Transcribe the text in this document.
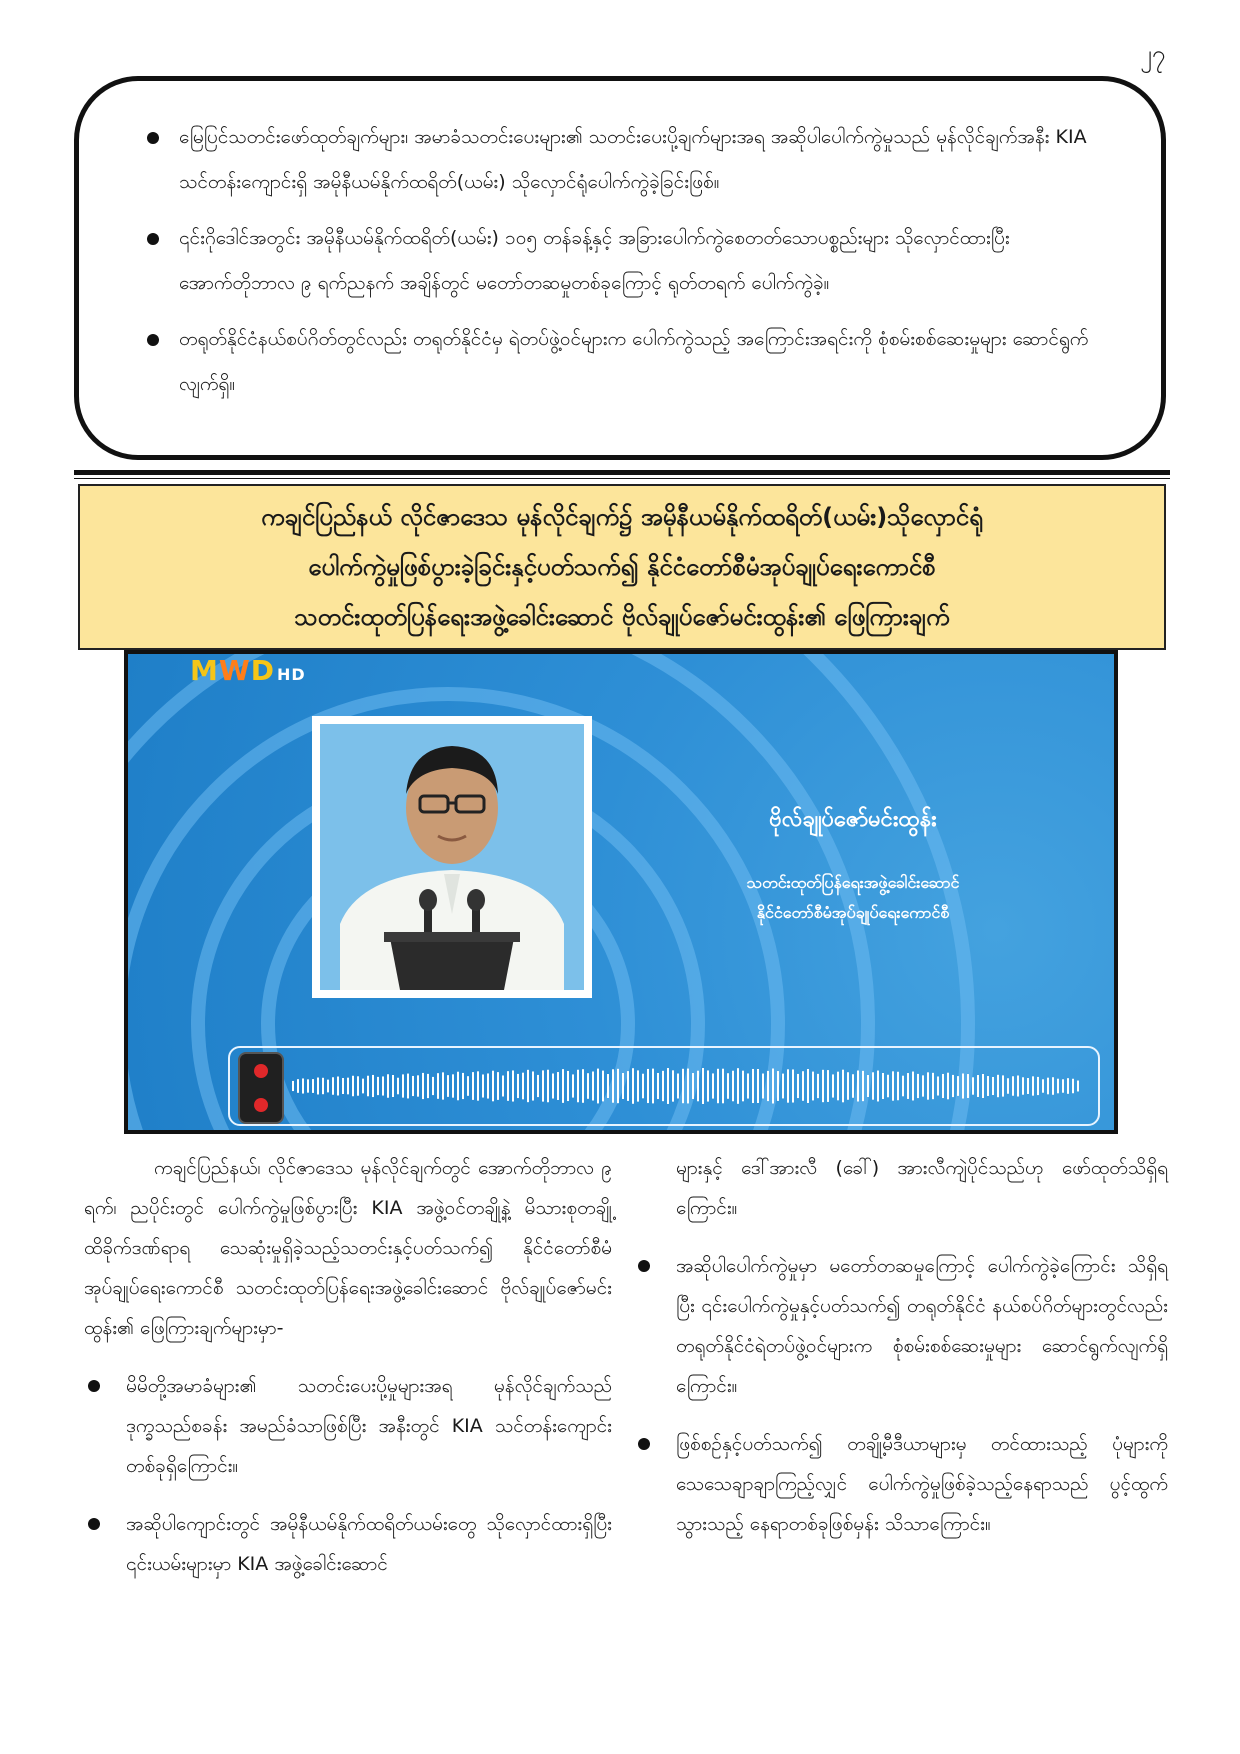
၂၇
မြေပြင်သတင်းဖော်ထုတ်ချက်များ၊ အမာခံသတင်းပေးများ၏ သတင်းပေးပို့ချက်များအရ အဆိုပါပေါက်ကွဲမှုသည် မုန်လိုင်ချက်အနီး KIA သင်တန်းကျောင်းရှိ အမိုနီယမ်နိုက်ထရိတ်(ယမ်း) သိုလှောင်ရုံပေါက်ကွဲခဲ့ခြင်းဖြစ်။
၎င်းဂိုဒေါင်အတွင်း အမိုနီယမ်နိုက်ထရိတ်(ယမ်း) ၁၀၅ တန်ခန့်နှင့် အခြားပေါက်ကွဲစေတတ်သောပစ္စည်းများ သိုလှောင်ထားပြီး အောက်တိုဘာလ ၉ ရက်ညနက် အချိန်တွင် မတော်တဆမှုတစ်ခုကြောင့် ရုတ်တရက် ပေါက်ကွဲခဲ့။
တရုတ်နိုင်ငံနယ်စပ်ဂိတ်တွင်လည်း တရုတ်နိုင်ငံမှ ရဲတပ်ဖွဲ့ဝင်များက ပေါက်ကွဲသည့် အကြောင်းအရင်းကို စုံစမ်းစစ်ဆေးမှုများ ဆောင်ရွက်လျက်ရှိ။
ကချင်ပြည်နယ် လိုင်ဇာဒေသ မုန်လိုင်ချက်၌ အမိုနီယမ်နိုက်ထရိတ်(ယမ်း)သိုလှောင်ရုံ
ပေါက်ကွဲမှုဖြစ်ပွားခဲ့ခြင်းနှင့်ပတ်သက်၍ နိုင်ငံတော်စီမံအုပ်ချုပ်ရေးကောင်စီ
သတင်းထုတ်ပြန်ရေးအဖွဲ့ခေါင်းဆောင် ဗိုလ်ချုပ်ဇော်မင်းထွန်း၏ ဖြေကြားချက်
MWD HD
ဗိုလ်ချုပ်ဇော်မင်းထွန်း
သတင်းထုတ်ပြန်ရေးအဖွဲ့ခေါင်းဆောင်
နိုင်ငံတော်စီမံအုပ်ချုပ်ရေးကောင်စီ

ကချင်ပြည်နယ်၊ လိုင်ဇာဒေသ မုန်လိုင်ချက်တွင် အောက်တိုဘာလ ၉ ရက်၊ ညပိုင်းတွင် ပေါက်ကွဲမှုဖြစ်ပွားပြီး KIA အဖွဲ့ဝင်တချို့နဲ့ မိသားစုတချို့ ထိခိုက်ဒဏ်ရာရ သေဆုံးမှုရှိခဲ့သည့်သတင်းနှင့်ပတ်သက်၍ နိုင်ငံတော်စီမံအုပ်ချုပ်ရေးကောင်စီ သတင်းထုတ်ပြန်ရေးအဖွဲ့ခေါင်းဆောင် ဗိုလ်ချုပ်ဇော်မင်းထွန်း၏ ဖြေကြားချက်များမှာ-

မိမိတို့အမာခံများ၏ သတင်းပေးပို့မှုများအရ မုန်လိုင်ချက်သည် ဒုက္ခသည်စခန်း အမည်ခံသာဖြစ်ပြီး အနီးတွင် KIA သင်တန်းကျောင်း တစ်ခုရှိကြောင်း။
အဆိုပါကျောင်းတွင် အမိုနီယမ်နိုက်ထရိတ်ယမ်းတွေ သိုလှောင်ထားရှိပြီး ၎င်းယမ်းများမှာ KIA အဖွဲ့ခေါင်းဆောင်

များနှင့် ဒေါ်အားလီ (ခေါ်) အားလီကျဲပိုင်သည်ဟု ဖော်ထုတ်သိရှိရကြောင်း။

အဆိုပါပေါက်ကွဲမှုမှာ မတော်တဆမှုကြောင့် ပေါက်ကွဲခဲ့ကြောင်း သိရှိရပြီး ၎င်းပေါက်ကွဲမှုနှင့်ပတ်သက်၍ တရုတ်နိုင်ငံ နယ်စပ်ဂိတ်များတွင်လည်း တရုတ်နိုင်ငံရဲတပ်ဖွဲ့ဝင်များက စုံစမ်းစစ်ဆေးမှုများ ဆောင်ရွက်လျက်ရှိကြောင်း။
ဖြစ်စဉ်နှင့်ပတ်သက်၍ တချို့မီဒီယာများမှ တင်ထားသည့် ပုံများကို သေသေချာချာကြည့်လျှင် ပေါက်ကွဲမှုဖြစ်ခဲ့သည့်နေရာသည် ပွင့်ထွက်သွားသည့် နေရာတစ်ခုဖြစ်မှန်း သိသာကြောင်း။
